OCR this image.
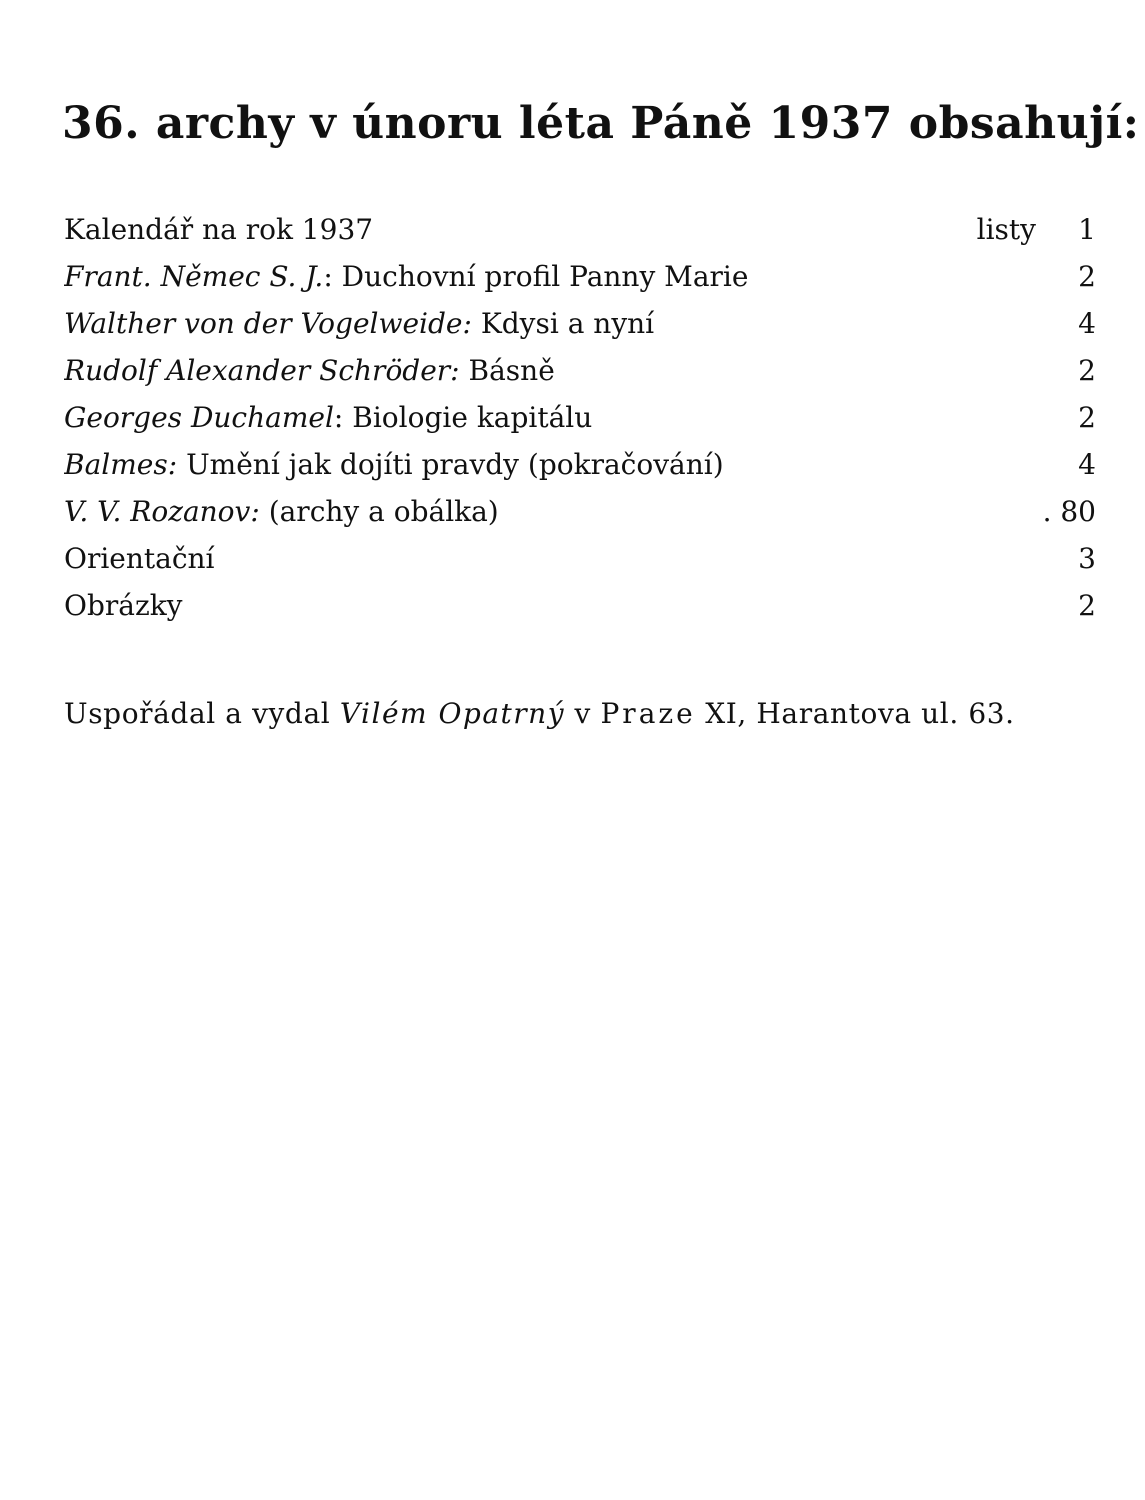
36. archy v únoru léta Páně 1937 obsahují:
Kalendář na rok 1937	listy 1
Frant. Němec S. J.: Duchovní profil Panny Marie	2
Walther von der Vogelweide: Kdysi a nyní	4
Rudolf Alexander Schröder: Básně	2
Georges Duchamel: Biologie kapitálu	2
Balmes: Umění jak dojíti pravdy (pokračování)	4
V. V. Rozanov: (archy a obálka)	. 80
Orientační	3
Obrázky	2

Uspořádal a vydal Vilém Opatrný v Praze XI, Harantova ul. 63.
